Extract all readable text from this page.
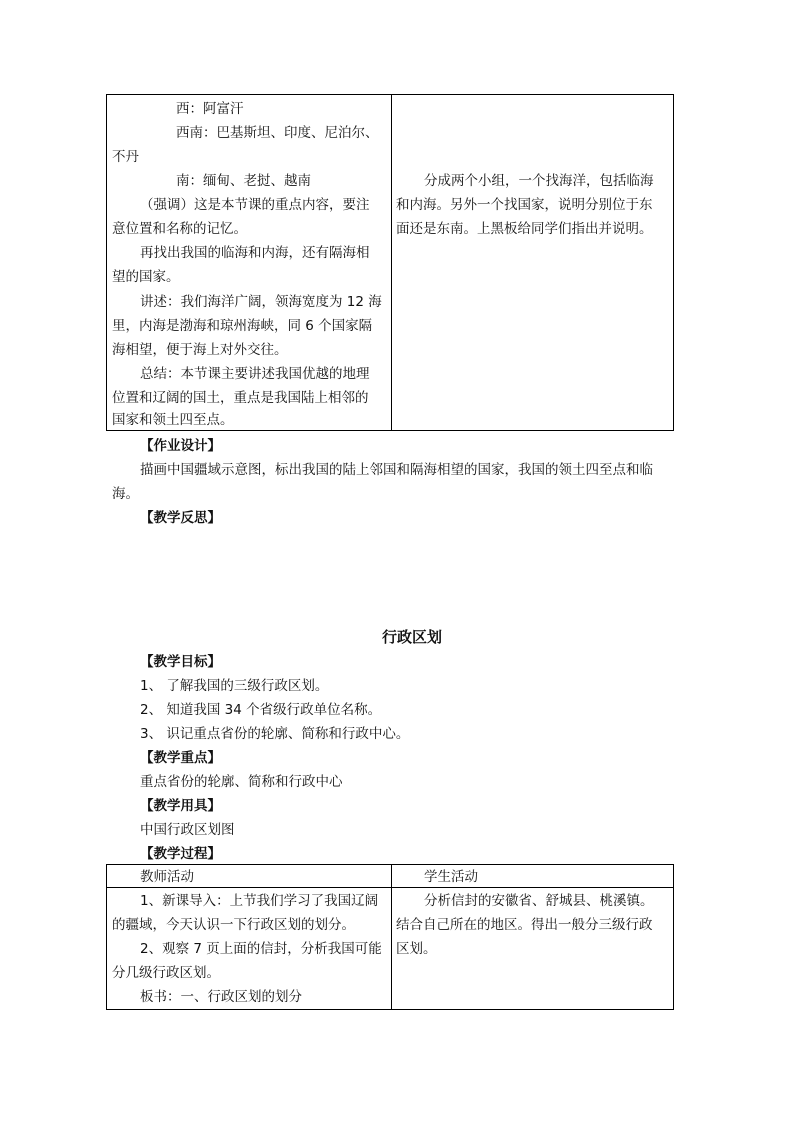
西：阿富汗
西南：巴基斯坦、印度、尼泊尔、
不丹
南：缅甸、老挝、越南
（强调）这是本节课的重点内容，要注
意位置和名称的记忆。
再找出我国的临海和内海，还有隔海相
望的国家。
讲述：我们海洋广阔，领海宽度为 12 海
里，内海是渤海和琼州海峡，同 6 个国家隔
海相望，便于海上对外交往。
总结：本节课主要讲述我国优越的地理
位置和辽阔的国土，重点是我国陆上相邻的
国家和领土四至点。
分成两个小组，一个找海洋，包括临海
和内海。另外一个找国家，说明分别位于东
面还是东南。上黑板给同学们指出并说明。
【作业设计】
描画中国疆域示意图，标出我国的陆上邻国和隔海相望的国家，我国的领土四至点和临
海。
【教学反思】
行政区划
【教学目标】
1、 了解我国的三级行政区划。
2、 知道我国 34 个省级行政单位名称。
3、 识记重点省份的轮廓、简称和行政中心。
【教学重点】
重点省份的轮廓、简称和行政中心
【教学用具】
中国行政区划图
【教学过程】
教师活动	学生活动
1、新课导入：上节我们学习了我国辽阔
的疆域，今天认识一下行政区划的划分。
2、观察 7 页上面的信封，分析我国可能
分几级行政区划。
板书：一、行政区划的划分
分析信封的安徽省、舒城县、桃溪镇。
结合自己所在的地区。得出一般分三级行政
区划。
